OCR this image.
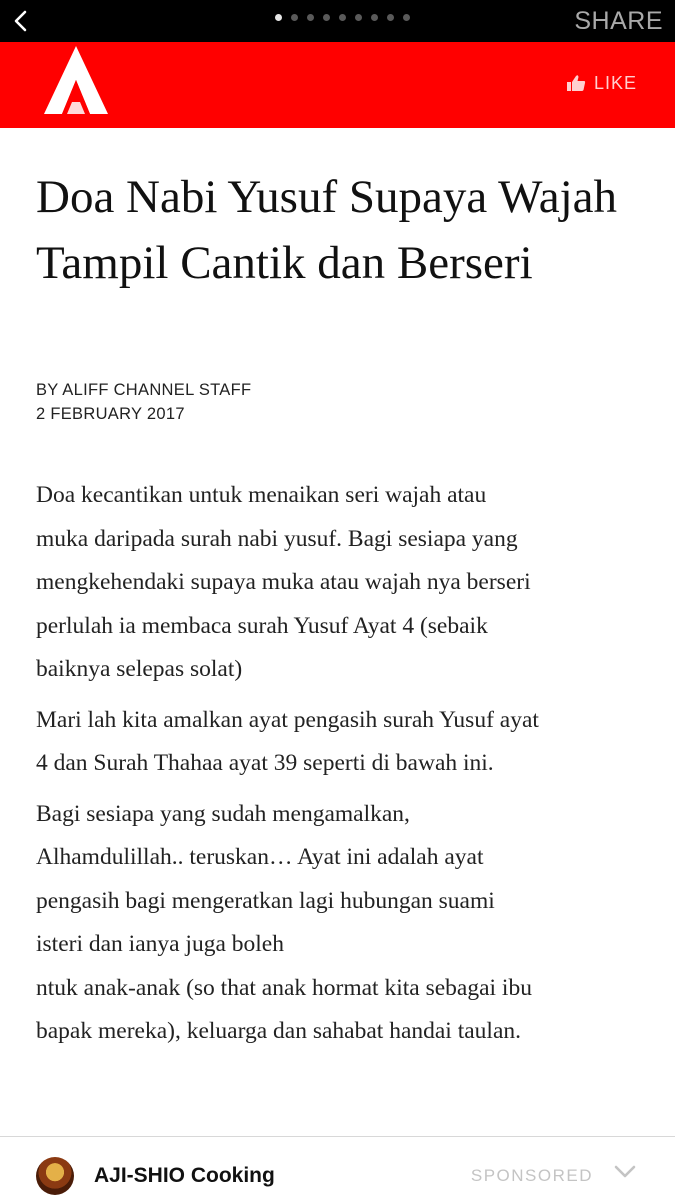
SHARE
LIKE
Doa Nabi Yusuf Supaya Wajah Tampil Cantik dan Berseri
BY ALIFF CHANNEL STAFF
2 FEBRUARY 2017

Doa kecantikan untuk menaikan seri wajah atau
muka daripada surah nabi yusuf. Bagi sesiapa yang
mengkehendaki supaya muka atau wajah nya berseri
perlulah ia membaca surah Yusuf Ayat 4 (sebaik
baiknya selepas solat)

Mari lah kita amalkan ayat pengasih surah Yusuf ayat
4 dan Surah Thahaa ayat 39 seperti di bawah ini.

Bagi sesiapa yang sudah mengamalkan,
Alhamdulillah.. teruskan… Ayat ini adalah ayat
pengasih bagi mengeratkan lagi hubungan suami
isteri dan ianya juga boleh
ntuk anak-anak (so that anak hormat kita sebagai ibu
bapak mereka), keluarga dan sahabat handai taulan.

AJI-SHIO Cooking	SPONSORED
